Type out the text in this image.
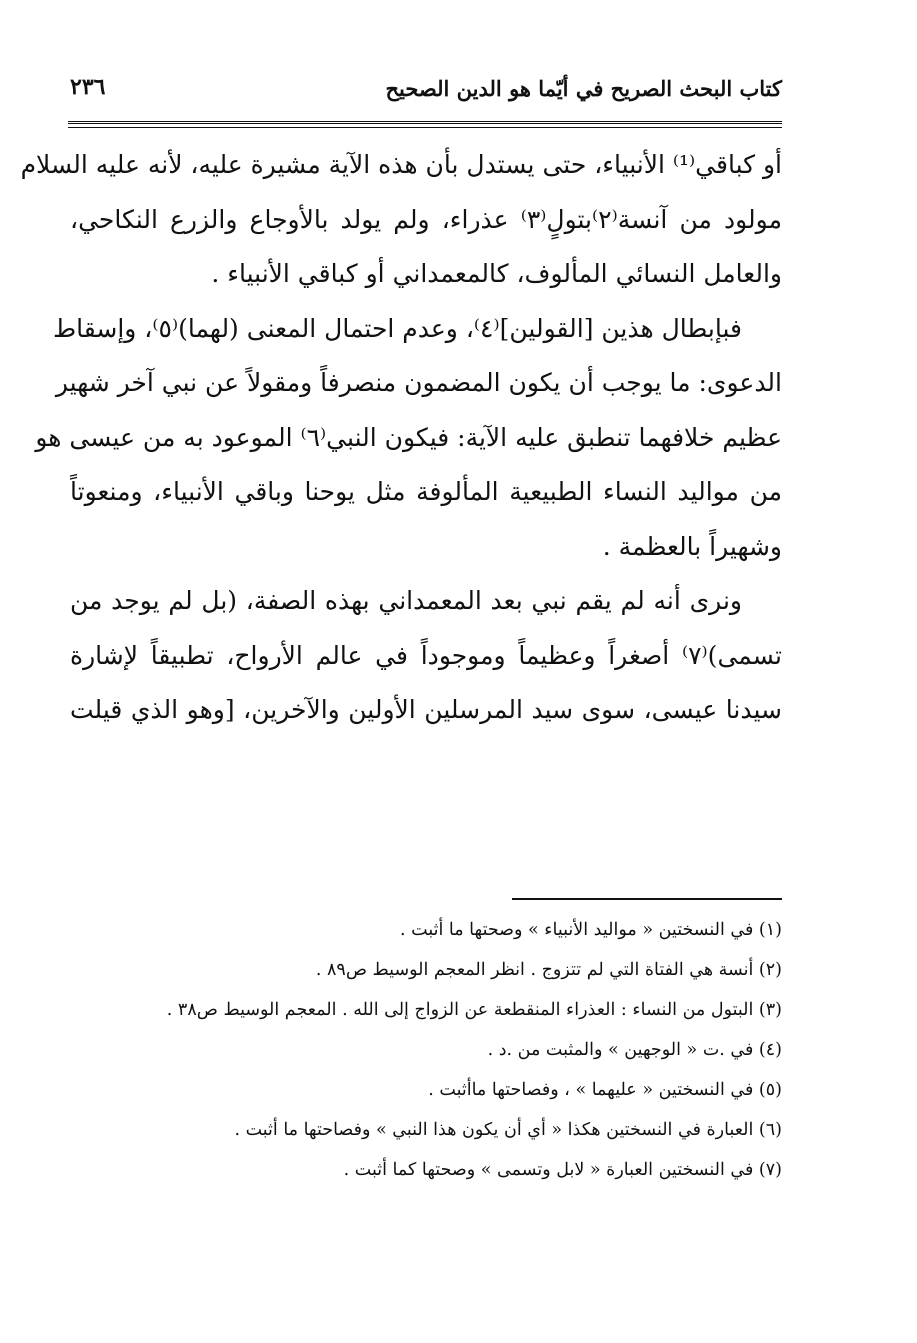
كتاب البحث الصريح في أيّما هو الدين الصحيح
٢٣٦
أو كباقي⁽¹⁾ الأنبياء، حتى يستدل بأن هذه الآية مشيرة عليه، لأنه عليه السلام
مولود من آنسة⁽٢⁾بتولٍ⁽٣⁾ عذراء، ولم يولد بالأوجاع والزرع النكاحي،
والعامل النسائي المألوف، كالمعمداني أو كباقي الأنبياء .
فبإبطال هذين [القولين]⁽٤⁾، وعدم احتمال المعنى (لهما)⁽٥⁾، وإسقاط
الدعوى: ما يوجب أن يكون المضمون منصرفاً ومقولاً عن نبي آخر شهير
عظيم خلافهما تنطبق عليه الآية: فيكون النبي⁽٦⁾ الموعود به من عيسى هو
من مواليد النساء الطبيعية المألوفة مثل يوحنا وباقي الأنبياء، ومنعوتاً
وشهيراً بالعظمة .
ونرى أنه لم يقم نبي بعد المعمداني بهذه الصفة، (بل لم يوجد من
تسمى)⁽٧⁾ أصغراً وعظيماً وموجوداً في عالم الأرواح، تطبيقاً لإشارة
سيدنا عيسى، سوى سيد المرسلين الأولين والآخرين، [وهو الذي قيلت
(١) في النسختين « مواليد الأنبياء » وصحتها ما أثبت .
(٢) أنسة هي الفتاة التي لم تتزوج . انظر المعجم الوسيط ص٨٩ .
(٣) البتول من النساء : العذراء المنقطعة عن الزواج إلى الله . المعجم الوسيط ص٣٨ .
(٤) في .ت « الوجهين » والمثبت من .د .
(٥) في النسختين « عليهما » ، وفصاحتها ماأثبت .
(٦) العبارة في النسختين هكذا « أي أن يكون هذا النبي » وفصاحتها ما أثبت .
(٧) في النسختين العبارة « لابل وتسمى » وصحتها كما أثبت .
